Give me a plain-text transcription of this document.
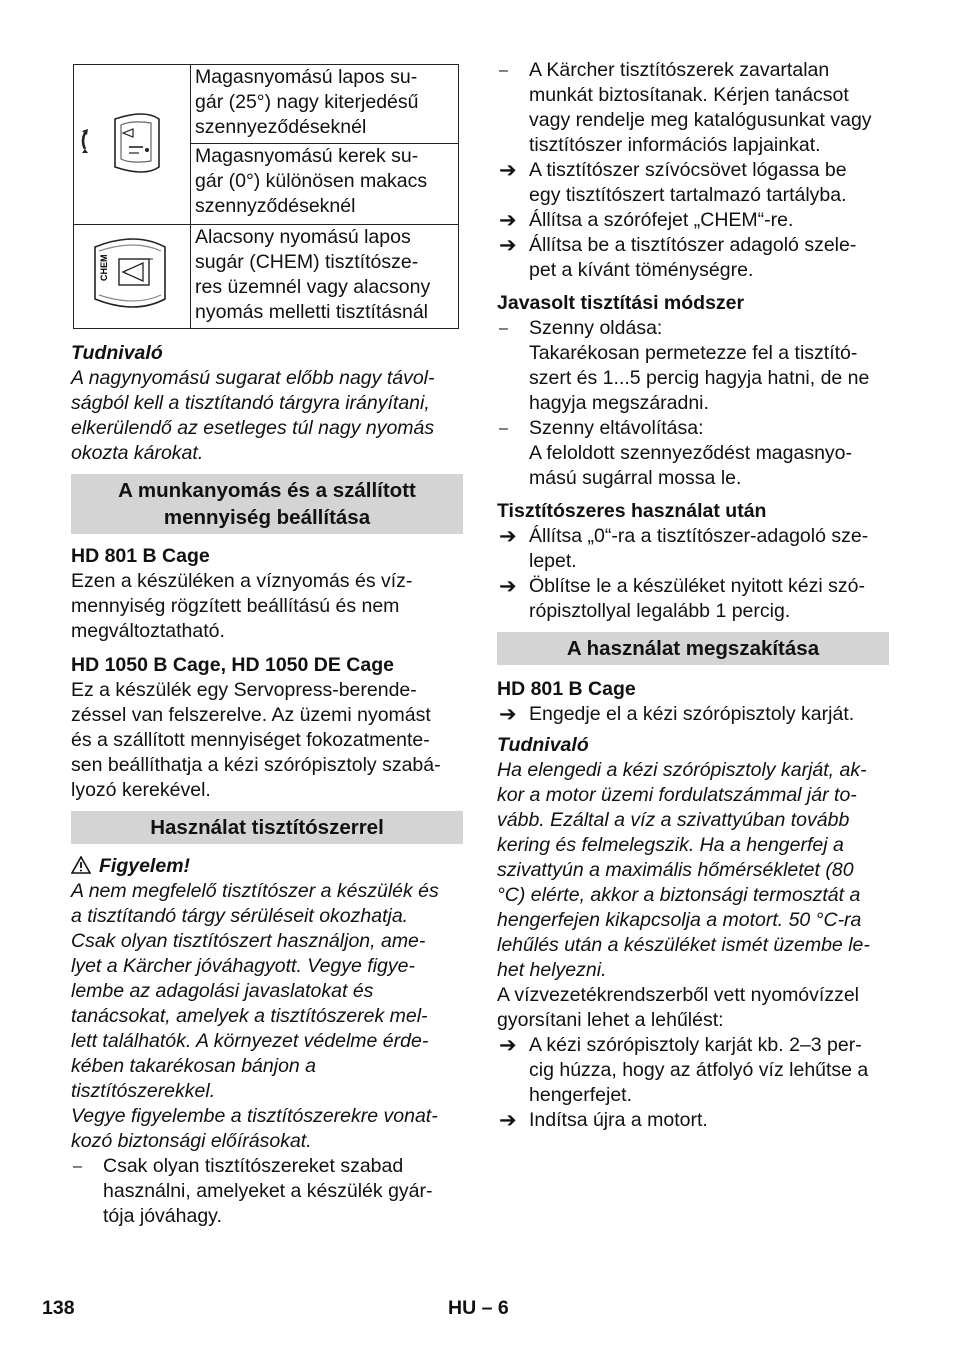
Magasnyomású lapos su-
gár (25°) nagy kiterjedésű
szennyeződéseknél

	Magasnyomású kerek su-
gár (0°) különösen makacs
szennyződéseknél

CHEM	Alacsony nyomású lapos
sugár (CHEM) tisztítósze-
res üzemnél vagy alacsony
nyomás melletti tisztításnál

Tudnivaló

A nagynyomású sugarat előbb nagy távol-
ságból kell a tisztítandó tárgyra irányítani,
elkerülendő az esetleges túl nagy nyomás
okozta károkat.

A munkanyomás és a szállított
mennyiség beállítása

HD 801 B Cage

Ezen a készüléken a víznyomás és víz-
mennyiség rögzített beállítású és nem
megváltoztatható.

HD 1050 B Cage, HD 1050 DE Cage

Ez a készülék egy Servopress-berende-
zéssel van felszerelve. Az üzemi nyomást
és a szállított mennyiséget fokozatmente-
sen beállíthatja a kézi szórópisztoly szabá-
lyozó kerekével.

Használat tisztítószerrel

Figyelem!

A nem megfelelő tisztítószer a készülék és
a tisztítandó tárgy sérüléseit okozhatja.
Csak olyan tisztítószert használjon, ame-
lyet a Kärcher jóváhagyott. Vegye figye-
lembe az adagolási javaslatokat és
tanácsokat, amelyek a tisztítószerek mel-
lett találhatók. A környezet védelme érde-
kében takarékosan bánjon a
tisztítószerekkel.

Vegye figyelembe a tisztítószerekre vonat-
kozó biztonsági előírásokat.

– Csak olyan tisztítószereket szabad
használni, amelyeket a készülék gyár-
tója jóváhagy.

– A Kärcher tisztítószerek zavartalan
munkát biztosítanak. Kérjen tanácsot
vagy rendelje meg katalógusunkat vagy
tisztítószer információs lapjainkat.

➔ A tisztítószer szívócsövet lógassa be
egy tisztítószert tartalmazó tartályba.

➔ Állítsa a szórófejet „CHEM“-re.

➔ Állítsa be a tisztítószer adagoló szele-
pet a kívánt töménységre.

Javasolt tisztítási módszer

– Szenny oldása:

Takarékosan permetezze fel a tisztító-
szert és 1...5 percig hagyja hatni, de ne
hagyja megszáradni.

– Szenny eltávolítása:

A feloldott szennyeződést magasnyo-
mású sugárral mossa le.

Tisztítószeres használat után

➔ Állítsa „0“-ra a tisztítószer-adagoló sze-
lepet.

➔ Öblítse le a készüléket nyitott kézi szó-
rópisztollyal legalább 1 percig.

A használat megszakítása

HD 801 B Cage

➔ Engedje el a kézi szórópisztoly karját.

Tudnivaló

Ha elengedi a kézi szórópisztoly karját, ak-
kor a motor üzemi fordulatszámmal jár to-
vább. Ezáltal a víz a szivattyúban tovább
kering és felmelegszik. Ha a hengerfej a
szivattyún a maximális hőmérsékletet (80
°C) elérte, akkor a biztonsági termosztát a
hengerfejen kikapcsolja a motort. 50 °C-ra
lehűlés után a készüléket ismét üzembe le-
het helyezni.

A vízvezetékrendszerből vett nyomóvízzel
gyorsítani lehet a lehűlést:

➔ A kézi szórópisztoly karját kb. 2–3 per-
cig húzza, hogy az átfolyó víz lehűtse a
hengerfejet.

➔ Indítsa újra a motort.

138	HU – 6
